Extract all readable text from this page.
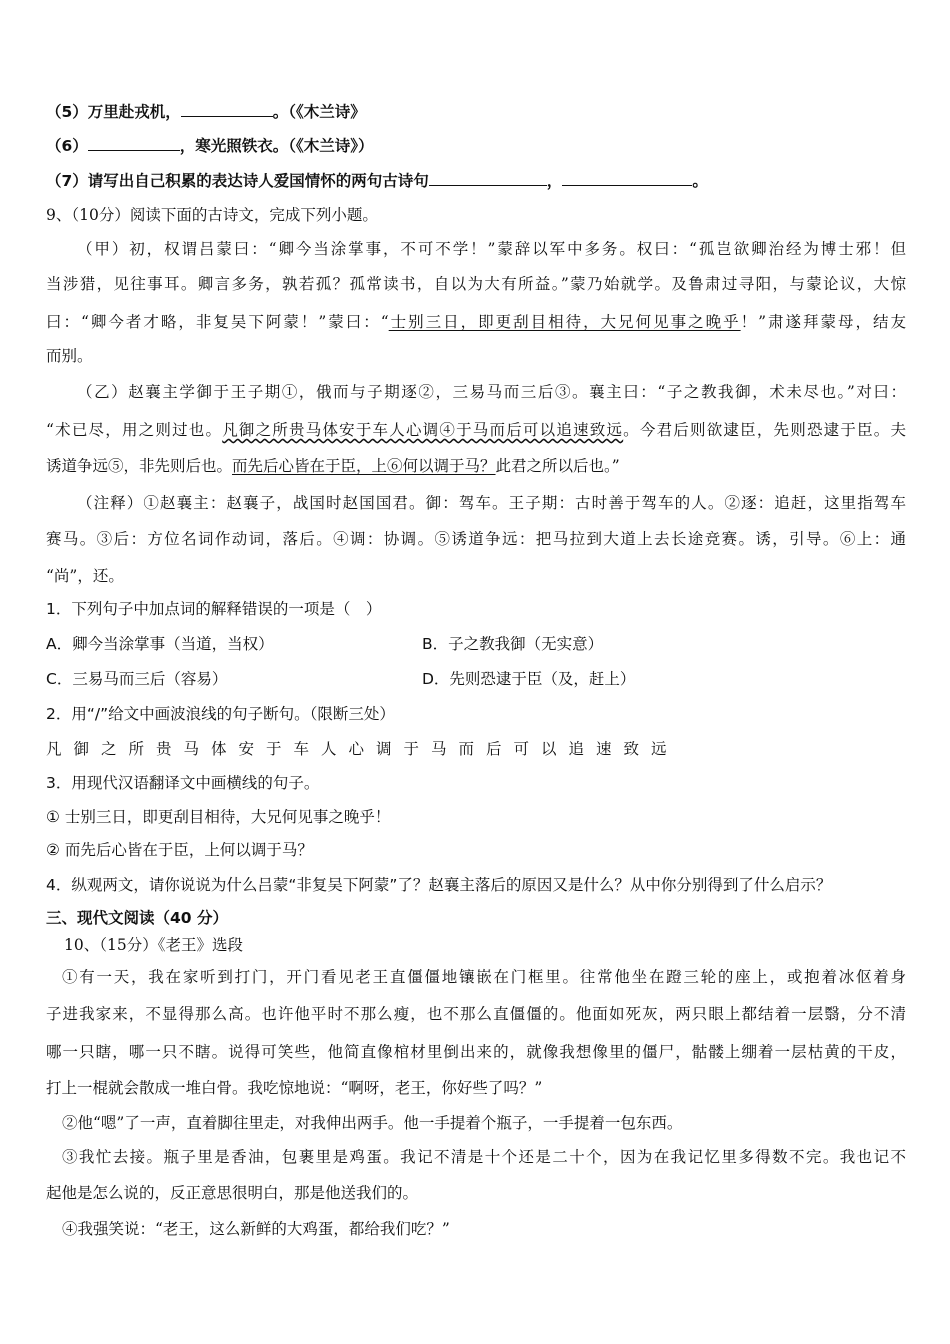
（5）万里赴戎机，	。（《木兰诗》
（6）	，寒光照铁衣。（《木兰诗》）
（7）请写出自己积累的表达诗人爱国情怀的两句古诗句	，	。
9、（10分）阅读下面的古诗文，完成下列小题。
（甲）初，权谓吕蒙曰：“卿今当涂掌事，不可不学！”蒙辞以军中多务。权曰：“孤岂欲卿治经为博士邪！但
当涉猎，见往事耳。卿言多务，孰若孤？孤常读书，自以为大有所益。”蒙乃始就学。及鲁肃过寻阳，与蒙论议，大惊
曰：“卿今者才略，非复吴下阿蒙！”蒙曰：“士别三日，即更刮目相待，大兄何见事之晚乎！”肃遂拜蒙母，结友
而别。
（乙）赵襄主学御于王子期①，俄而与子期逐②，三易马而三后③。襄主曰：“子之教我御，术未尽也。”对曰：
“术已尽，用之则过也。凡御之所贵马体安于车人心调④于马而后可以追速致远。今君后则欲逮臣，先则恐逮于臣。夫
诱道争远⑤，非先则后也。而先后心皆在于臣，上⑥何以调于马？此君之所以后也。”
（注释）①赵襄主：赵襄子，战国时赵国国君。御：驾车。王子期：古时善于驾车的人。②逐：追赶，这里指驾车
赛马。③后：方位名词作动词，落后。④调：协调。⑤诱道争远：把马拉到大道上去长途竞赛。诱，引导。⑥上：通
“尚”，还。
1．下列句子中加点词的解释错误的一项是（　）
A．卿今当涂掌事（当道，当权）	B．子之教我御（无实意）
C．三易马而三后（容易）	D．先则恐逮于臣（及，赶上）
2．用“/”给文中画波浪线的句子断句。（限断三处）
凡御之所贵马体安于车人心调于马而后可以追速致远
3．用现代汉语翻译文中画横线的句子。
① 士别三日，即更刮目相待，大兄何见事之晚乎！
② 而先后心皆在于臣，上何以调于马？
4．纵观两文，请你说说为什么吕蒙“非复吴下阿蒙”了？赵襄主落后的原因又是什么？从中你分别得到了什么启示？
三、现代文阅读（40 分）
10、（15分）《老王》选段
①有一天，我在家听到打门，开门看见老王直僵僵地镶嵌在门框里。往常他坐在蹬三轮的座上，或抱着冰伛着身
子进我家来，不显得那么高。也许他平时不那么瘦，也不那么直僵僵的。他面如死灰，两只眼上都结着一层翳，分不清
哪一只瞎，哪一只不瞎。说得可笑些，他简直像棺材里倒出来的，就像我想像里的僵尸，骷髅上绷着一层枯黄的干皮，
打上一棍就会散成一堆白骨。我吃惊地说：“啊呀，老王，你好些了吗？”
②他“嗯”了一声，直着脚往里走，对我伸出两手。他一手提着个瓶子，一手提着一包东西。
③我忙去接。瓶子里是香油，包裹里是鸡蛋。我记不清是十个还是二十个，因为在我记忆里多得数不完。我也记不
起他是怎么说的，反正意思很明白，那是他送我们的。
④我强笑说：“老王，这么新鲜的大鸡蛋，都给我们吃？”
